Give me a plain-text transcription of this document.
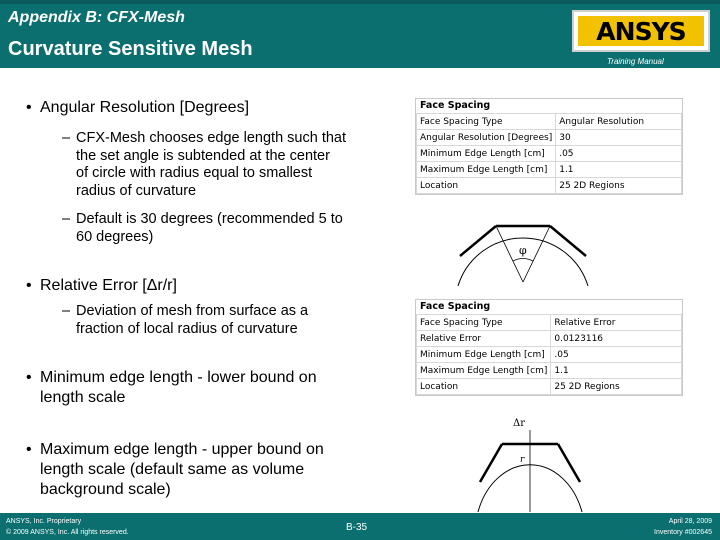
Appendix B: CFX-Mesh
Curvature Sensitive Mesh
ANSYS
Training Manual
• Angular Resolution [Degrees]
– CFX-Mesh chooses edge length such that
the set angle is subtended at the center
of circle with radius equal to smallest
radius of curvature
– Default is 30 degrees (recommended 5 to
60 degrees)
• Relative Error [Δr/r]
– Deviation of mesh from surface as a
fraction of local radius of curvature
• Minimum edge length - lower bound on
length scale
• Maximum edge length - upper bound on
length scale (default same as volume
background scale)
Face Spacing
Face Spacing Type	Angular Resolution
Angular Resolution [Degrees]	30
Minimum Edge Length [cm]	.05
Maximum Edge Length [cm]	1.1
Location	25 2D Regions
φ
Face Spacing
Face Spacing Type	Relative Error
Relative Error	0.0123116
Minimum Edge Length [cm]	.05
Maximum Edge Length [cm]	1.1
Location	25 2D Regions
Δr
r
ANSYS, Inc. Proprietary
© 2009 ANSYS, Inc. All rights reserved.	B-35
April 28, 2009
Inventory #002645
